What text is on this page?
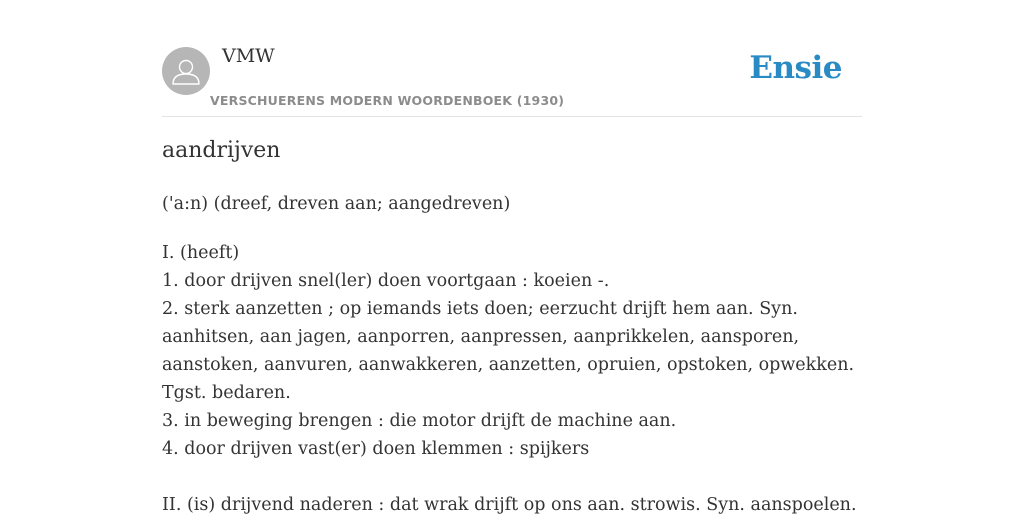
VMW
VERSCHUERENS MODERN WOORDENBOEK (1930)
Ensie
aandrijven
('a:n) (dreef, dreven aan; aangedreven)
I. (heeft)
1. door drijven snel(ler) doen voortgaan : koeien -.
2. sterk aanzetten ; op iemands iets doen; eerzucht drijft hem aan. Syn.
aanhitsen, aan jagen, aanporren, aanpressen, aanprikkelen, aansporen,
aanstoken, aanvuren, aanwakkeren, aanzetten, opruien, opstoken, opwekken.
Tgst. bedaren.
3. in beweging brengen : die motor drijft de machine aan.
4. door drijven vast(er) doen klemmen : spijkers
II. (is) drijvend naderen : dat wrak drijft op ons aan. strowis. Syn. aanspoelen.
